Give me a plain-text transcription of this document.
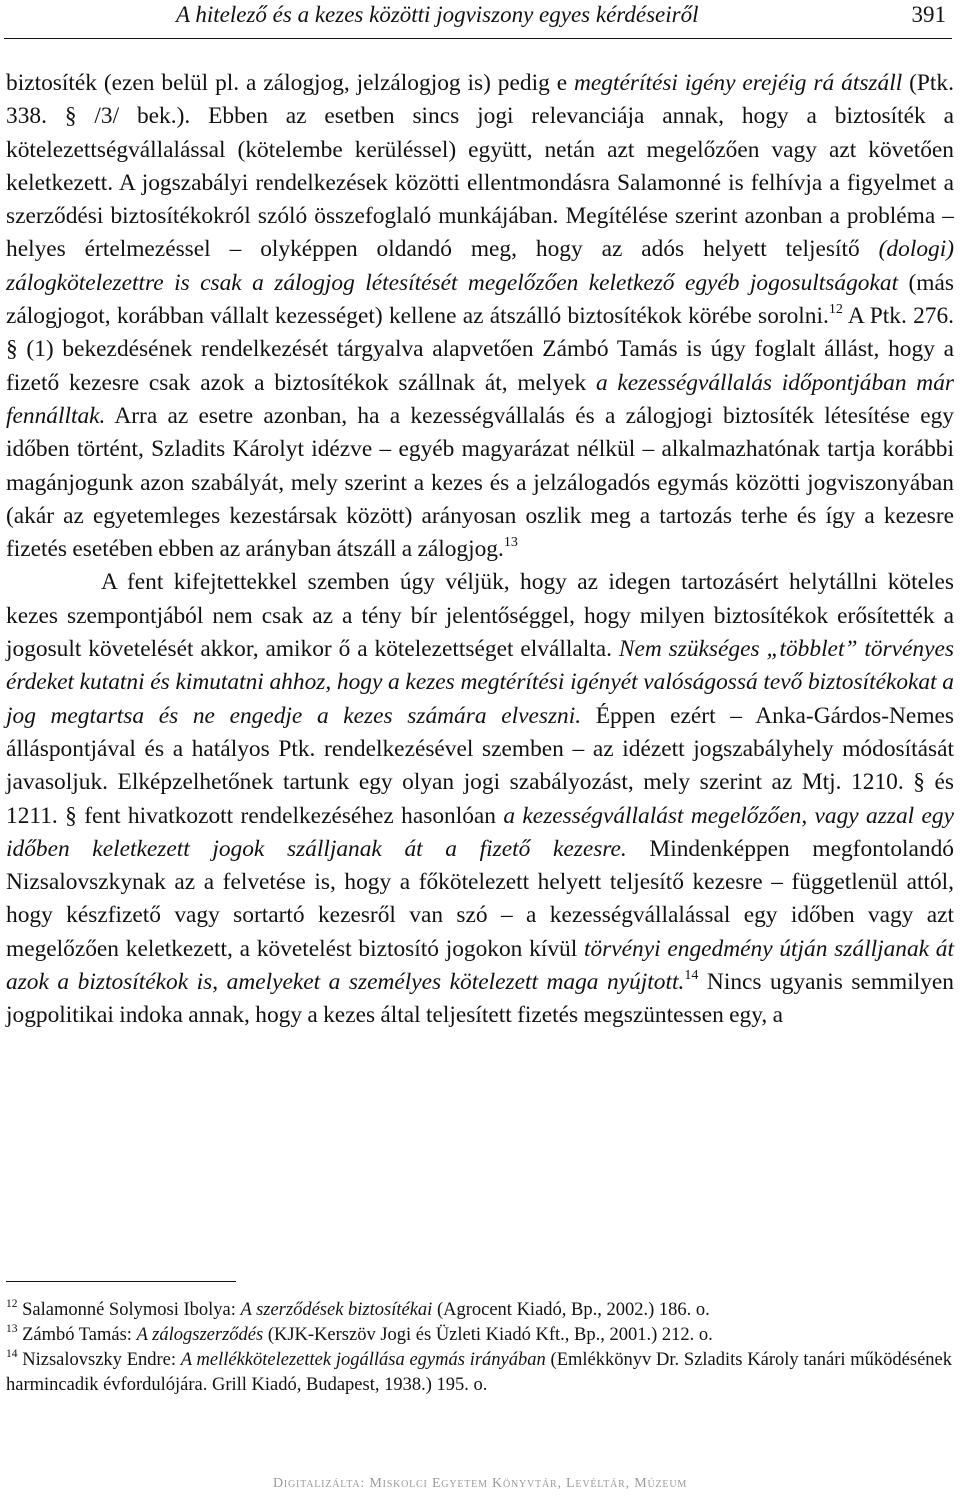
A hitelező és a kezes közötti jogviszony egyes kérdéseiről	391

biztosíték (ezen belül pl. a zálogjog, jelzálogjog is) pedig e megtérítési igény erejéig rá átszáll (Ptk. 338. § /3/ bek.). Ebben az esetben sincs jogi relevanciája annak, hogy a biztosíték a kötelezettségvállalással (kötelembe kerüléssel) együtt, netán azt megelőzően vagy azt követően keletkezett. A jogszabályi rendelkezések közötti ellentmondásra Salamonné is felhívja a figyelmet a szerződési biztosítékokról szóló összefoglaló munkájában. Megítélése szerint azonban a probléma – helyes értelmezéssel – olyképpen oldandó meg, hogy az adós helyett teljesítő (dologi) zálogkötelezettre is csak a zálogjog létesítését megelőzően keletkező egyéb jogosultságokat (más zálogjogot, korábban vállalt kezességet) kellene az átszálló biztosítékok körébe sorolni.$^{12}$ A Ptk. 276. § (1) bekezdésének rendelkezését tárgyalva alapvetően Zámbó Tamás is úgy foglalt állást, hogy a fizető kezesre csak azok a biztosítékok szállnak át, melyek a kezességvállalás időpontjában már fennálltak. Arra az esetre azonban, ha a kezességvállalás és a zálogjogi biztosíték létesítése egy időben történt, Szladits Károlyt idézve – egyéb magyarázat nélkül – alkalmazhatónak tartja korábbi magánjogunk azon szabályát, mely szerint a kezes és a jelzálogadós egymás közötti jogviszonyában (akár az egyetemleges kezestársak között) arányosan oszlik meg a tartozás terhe és így a kezesre fizetés esetében ebben az arányban átszáll a zálogjog.$^{13}$

A fent kifejtettekkel szemben úgy véljük, hogy az idegen tartozásért helytállni köteles kezes szempontjából nem csak az a tény bír jelentőséggel, hogy milyen biztosítékok erősítették a jogosult követelését akkor, amikor ő a kötelezettséget elvállalta. Nem szükséges „többlet” törvényes érdeket kutatni és kimutatni ahhoz, hogy a kezes megtérítési igényét valóságossá tevő biztosítékokat a jog megtartsa és ne engedje a kezes számára elveszni. Éppen ezért – Anka-Gárdos-Nemes álláspontjával és a hatályos Ptk. rendelkezésével szemben – az idézett jogszabályhely módosítását javasoljuk. Elképzelhetőnek tartunk egy olyan jogi szabályozást, mely szerint az Mtj. 1210. § és 1211. § fent hivatkozott rendelkezéséhez hasonlóan a kezességvállalást megelőzően, vagy azzal egy időben keletkezett jogok szálljanak át a fizető kezesre. Mindenképpen megfontolandó Nizsalovszkynak az a felvetése is, hogy a főkötelezett helyett teljesítő kezesre – függetlenül attól, hogy készfizető vagy sortartó kezesről van szó – a kezességvállalással egy időben vagy azt megelőzően keletkezett, a követelést biztosító jogokon kívül törvényi engedmény útján szálljanak át azok a biztosítékok is, amelyeket a személyes kötelezett maga nyújtott.$^{14}$ Nincs ugyanis semmilyen jogpolitikai indoka annak, hogy a kezes által teljesített fizetés megszüntessen egy, a

$^{12}$ Salamonné Solymosi Ibolya: A szerződések biztosítékai (Agrocent Kiadó, Bp., 2002.) 186. o.

$^{13}$ Zámbó Tamás: A zálogszerződés (KJK-Kerszöv Jogi és Üzleti Kiadó Kft., Bp., 2001.) 212. o.

$^{14}$ Nizsalovszky Endre: A mellékkötelezettek jogállása egymás irányában (Emlékkönyv Dr. Szladits Károly tanári működésének harmincadik évfordulójára. Grill Kiadó, Budapest, 1938.) 195. o.

Digitalizálta: Miskolci Egyetem Könyvtár, Levéltár, Múzeum
